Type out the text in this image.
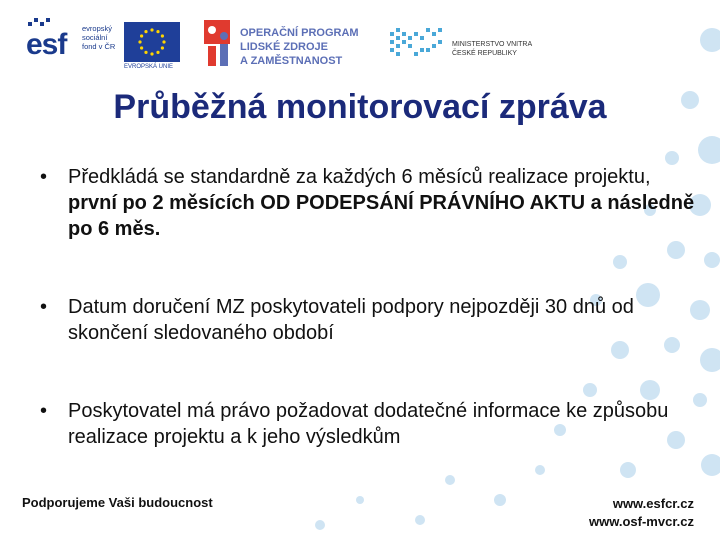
esf evropský
sociální
fond v ČR
EVROPSKÁ UNIE
OPERAČNÍ PROGRAM
LIDSKÉ ZDROJE
A ZAMĚSTNANOST
MINISTERSTVO VNITRA
ČESKÉ REPUBLIKY
Průběžná monitorovací zpráva
• Předkládá se standardně za každých 6 měsíců realizace projektu, první po 2 měsících OD PODEPSÁNÍ PRÁVNÍHO AKTU a následně po 6 měs.
• Datum doručení MZ poskytovateli podpory nejpozději 30 dnů od skončení sledovaného období
• Poskytovatel má právo požadovat dodatečné informace ke způsobu realizace projektu a k jeho výsledkům
Podporujeme Vaši budoucnost	www.esfcr.cz
www.osf-mvcr.cz
